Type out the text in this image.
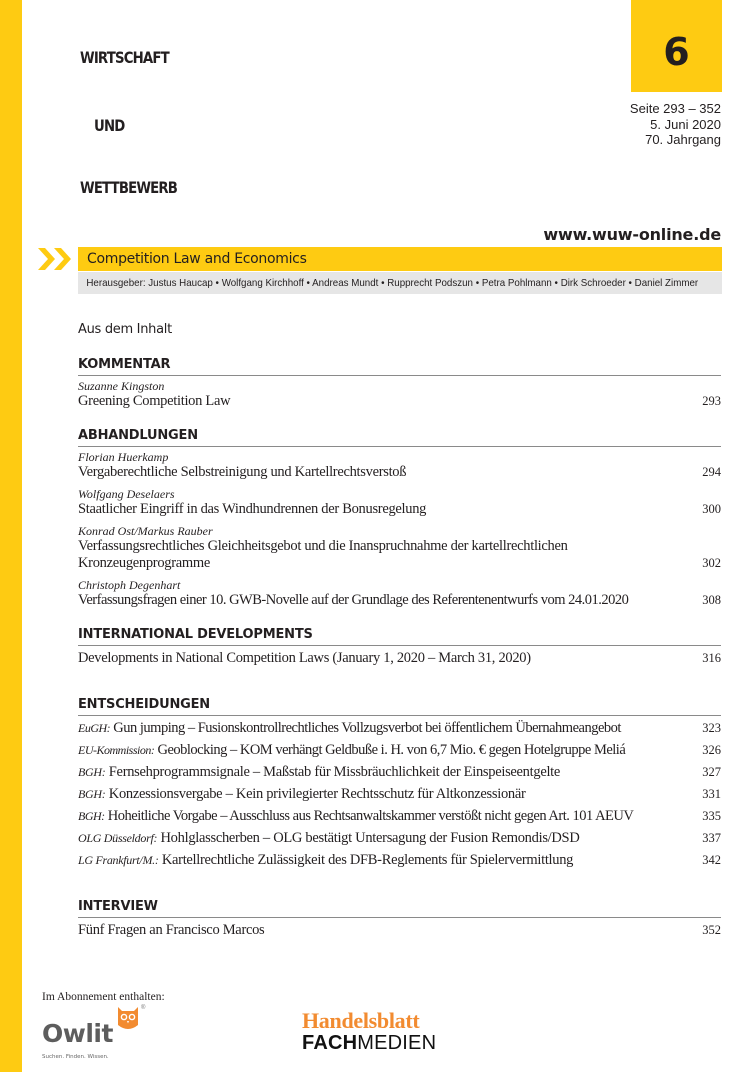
6
Seite 293 – 352
5. Juni 2020
70. Jahrgang
WIRTSCHAFT
UND
WETTBEWERB
www.wuw-online.de
Competition Law and Economics
Herausgeber: Justus Haucap • Wolfgang Kirchhoff • Andreas Mundt • Rupprecht Podszun • Petra Pohlmann • Dirk Schroeder • Daniel Zimmer
Aus dem Inhalt
KOMMENTAR
Suzanne Kingston
Greening Competition Law	293
ABHANDLUNGEN
Florian Huerkamp
Vergaberechtliche Selbstreinigung und Kartellrechtsverstoß	294
Wolfgang Deselaers
Staatlicher Eingriff in das Windhundrennen der Bonusregelung	300
Konrad Ost/Markus Rauber
Verfassungsrechtliches Gleichheitsgebot und die Inanspruchnahme der kartellrechtlichen Kronzeugenprogramme	302
Christoph Degenhart
Verfassungsfragen einer 10. GWB-Novelle auf der Grundlage des Referentenentwurfs vom 24.01.2020	308
INTERNATIONAL DEVELOPMENTS
Developments in National Competition Laws (January 1, 2020 – March 31, 2020)	316
ENTSCHEIDUNGEN
EuGH: Gun jumping – Fusionskontrollrechtliches Vollzugsverbot bei öffentlichem Übernahmeangebot	323
EU-Kommission: Geoblocking – KOM verhängt Geldbuße i. H. von 6,7 Mio. € gegen Hotelgruppe Meliá	326
BGH: Fernsehprogrammsignale – Maßstab für Missbräuchlichkeit der Einspeiseentgelte	327
BGH: Konzessionsvergabe – Kein privilegierter Rechtsschutz für Altkonzessionär	331
BGH: Hoheitliche Vorgabe – Ausschluss aus Rechtsanwaltskammer verstößt nicht gegen Art. 101 AEUV	335
OLG Düsseldorf: Hohlglasscherben – OLG bestätigt Untersagung der Fusion Remondis/DSD	337
LG Frankfurt/M.: Kartellrechtliche Zulässigkeit des DFB-Reglements für Spielervermittlung	342
INTERVIEW
Fünf Fragen an Francisco Marcos	352
Im Abonnement enthalten:
Owlit
®
Suchen. Finden. Wissen.
Handelsblatt
FACHMEDIEN
